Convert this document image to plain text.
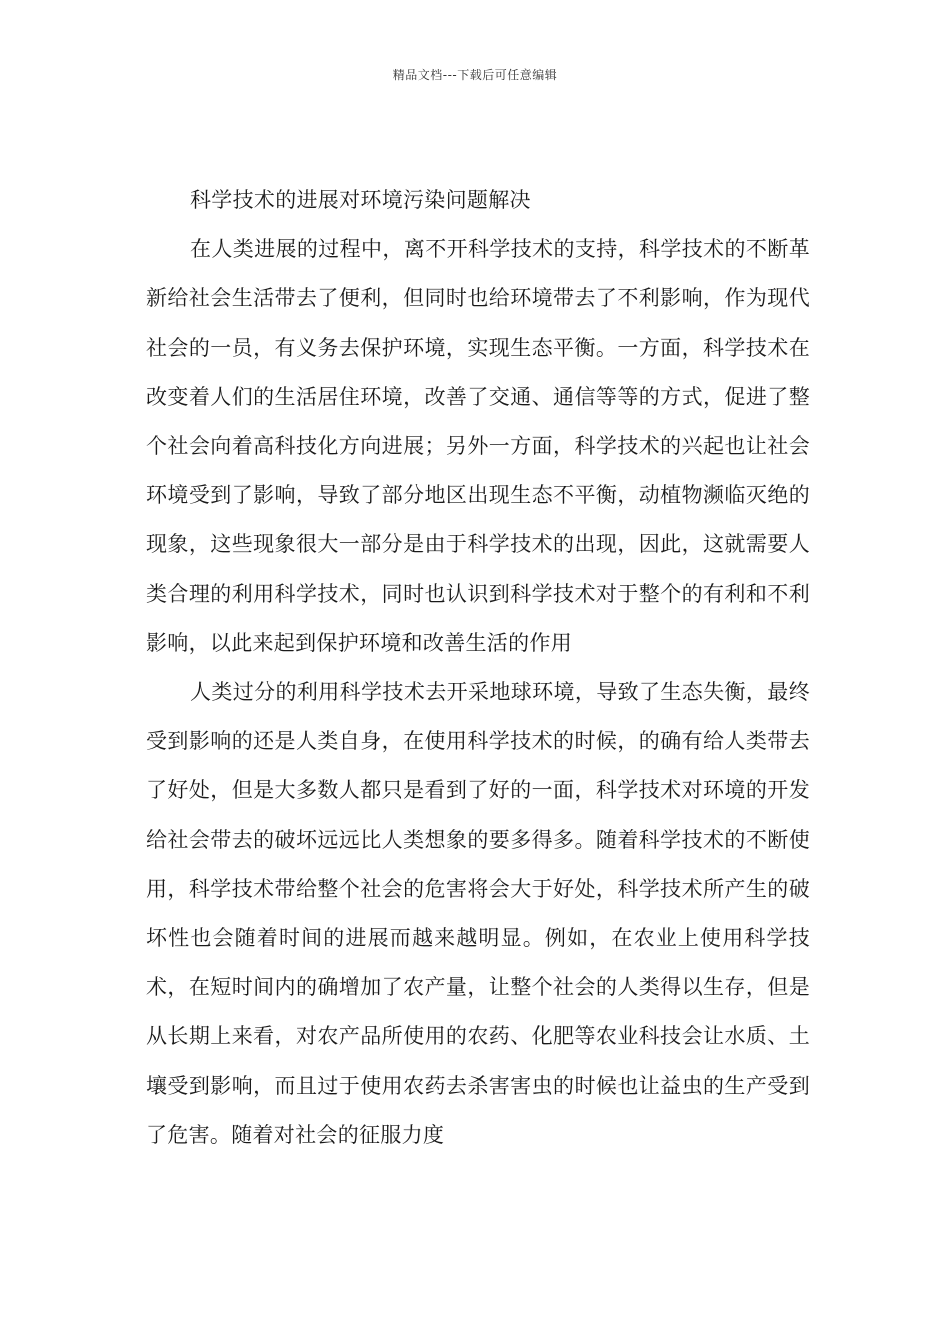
精品文档---下载后可任意编辑

科学技术的进展对环境污染问题解决

在人类进展的过程中，离不开科学技术的支持，科学技术的不断革新给社会生活带去了便利，但同时也给环境带去了不利影响，作为现代社会的一员，有义务去保护环境，实现生态平衡。一方面，科学技术在改变着人们的生活居住环境，改善了交通、通信等等的方式，促进了整个社会向着高科技化方向进展；另外一方面，科学技术的兴起也让社会环境受到了影响，导致了部分地区出现生态不平衡，动植物濒临灭绝的现象，这些现象很大一部分是由于科学技术的出现，因此，这就需要人类合理的利用科学技术，同时也认识到科学技术对于整个的有利和不利影响，以此来起到保护环境和改善生活的作用

人类过分的利用科学技术去开采地球环境，导致了生态失衡，最终受到影响的还是人类自身，在使用科学技术的时候，的确有给人类带去了好处，但是大多数人都只是看到了好的一面，科学技术对环境的开发给社会带去的破坏远远比人类想象的要多得多。随着科学技术的不断使用，科学技术带给整个社会的危害将会大于好处，科学技术所产生的破坏性也会随着时间的进展而越来越明显。例如，在农业上使用科学技术，在短时间内的确增加了农产量，让整个社会的人类得以生存，但是从长期上来看，对农产品所使用的农药、化肥等农业科技会让水质、土壤受到影响，而且过于使用农药去杀害害虫的时候也让益虫的生产受到了危害。随着对社会的征服力度
